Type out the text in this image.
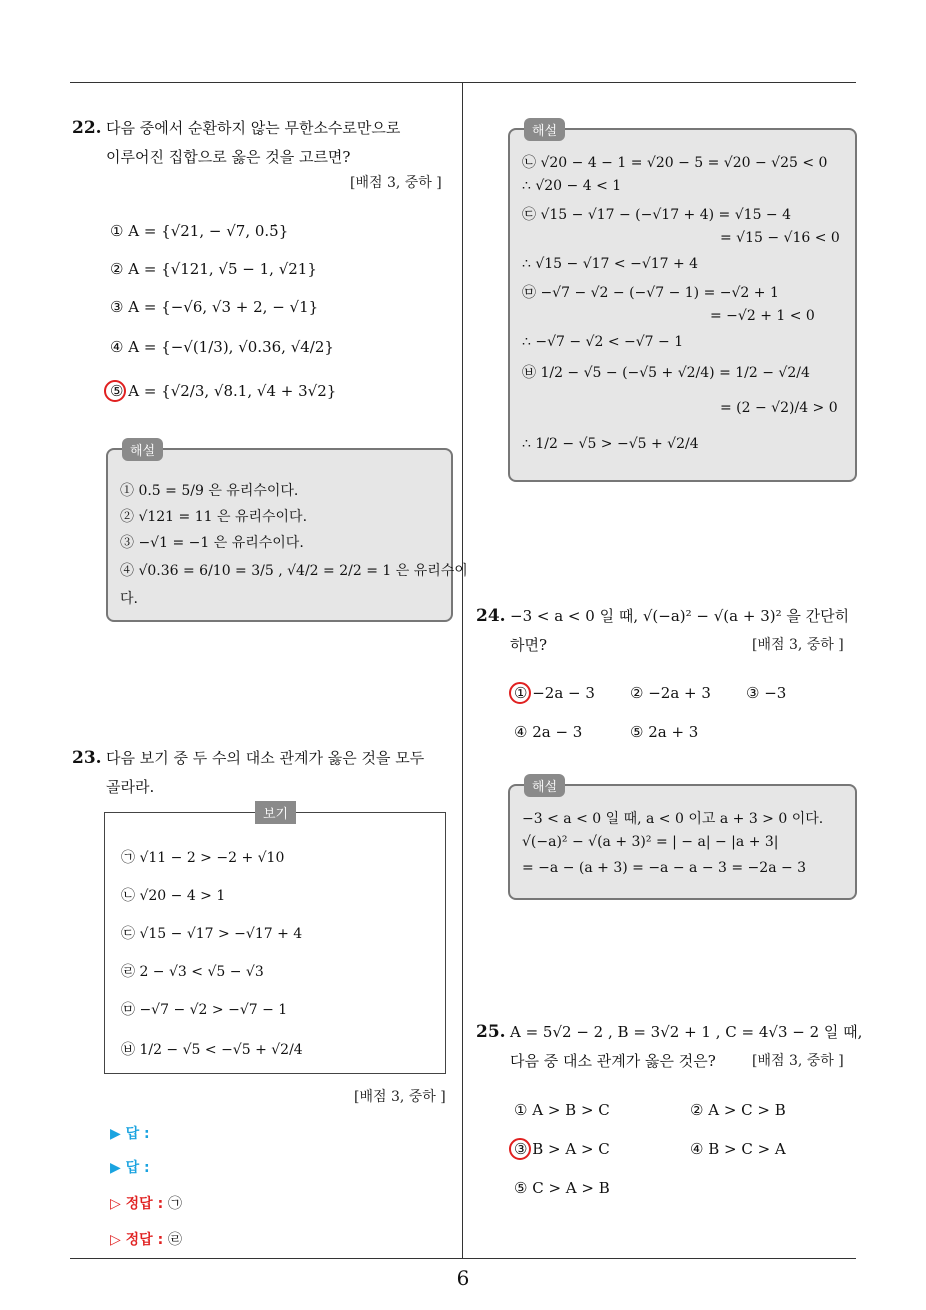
22. 다음 중에서 순환하지 않는 무한소수로만으로
이루어진 집합으로 옳은 것을 고르면?
[배점 3, 중하 ]
① A = {√21, − √7, 0.5̇}
② A = {√121, √5 − 1, √21}
③ A = {−√6, √3 + 2, − √1}
④ A = {−√(1/3), √0.36, √4/2}
⑤ A = {√2/3, √8.1, √4 + 3√2}
해설
① 0.5̇ = 5/9 은 유리수이다.
② √121 = 11 은 유리수이다.
③ −√1 = −1 은 유리수이다.
④ √0.36 = 6/10 = 3/5 , √4/2 = 2/2 = 1 은 유리수이
다.
23. 다음 보기 중 두 수의 대소 관계가 옳은 것을 모두
골라라.
보기
㉠ √11 − 2 > −2 + √10
㉡ √20 − 4 > 1
㉢ √15 − √17 > −√17 + 4
㉣ 2 − √3 < √5 − √3
㉤ −√7 − √2 > −√7 − 1
㉥ 1/2 − √5 < −√5 + √2/4
[배점 3, 중하 ]
▶ 답 :
▶ 답 :
▷ 정답 : ㉠
▷ 정답 : ㉣
해설
㉡ √20 − 4 − 1 = √20 − 5 = √20 − √25 < 0
∴ √20 − 4 < 1
㉢ √15 − √17 − (−√17 + 4) = √15 − 4
= √15 − √16 < 0
∴ √15 − √17 < −√17 + 4
㉤ −√7 − √2 − (−√7 − 1) = −√2 + 1
= −√2 + 1 < 0
∴ −√7 − √2 < −√7 − 1
㉥ 1/2 − √5 − (−√5 + √2/4) = 1/2 − √2/4
= (2 − √2)/4 > 0
∴ 1/2 − √5 > −√5 + √2/4
24. −3 < a < 0 일 때, √(−a)² − √(a + 3)² 을 간단히
하면?	[배점 3, 중하 ]
① −2a − 3 ② −2a + 3 ③ −3
④ 2a − 3	⑤ 2a + 3
해설
−3 < a < 0 일 때, a < 0 이고 a + 3 > 0 이다.
√(−a)² − √(a + 3)² = | − a| − |a + 3|
= −a − (a + 3) = −a − a − 3 = −2a − 3
25. A = 5√2 − 2 , B = 3√2 + 1 , C = 4√3 − 2 일 때,
다음 중 대소 관계가 옳은 것은?	[배점 3, 중하 ]
① A > B > C	② A > C > B
③ B > A > C	④ B > C > A
⑤ C > A > B
6
